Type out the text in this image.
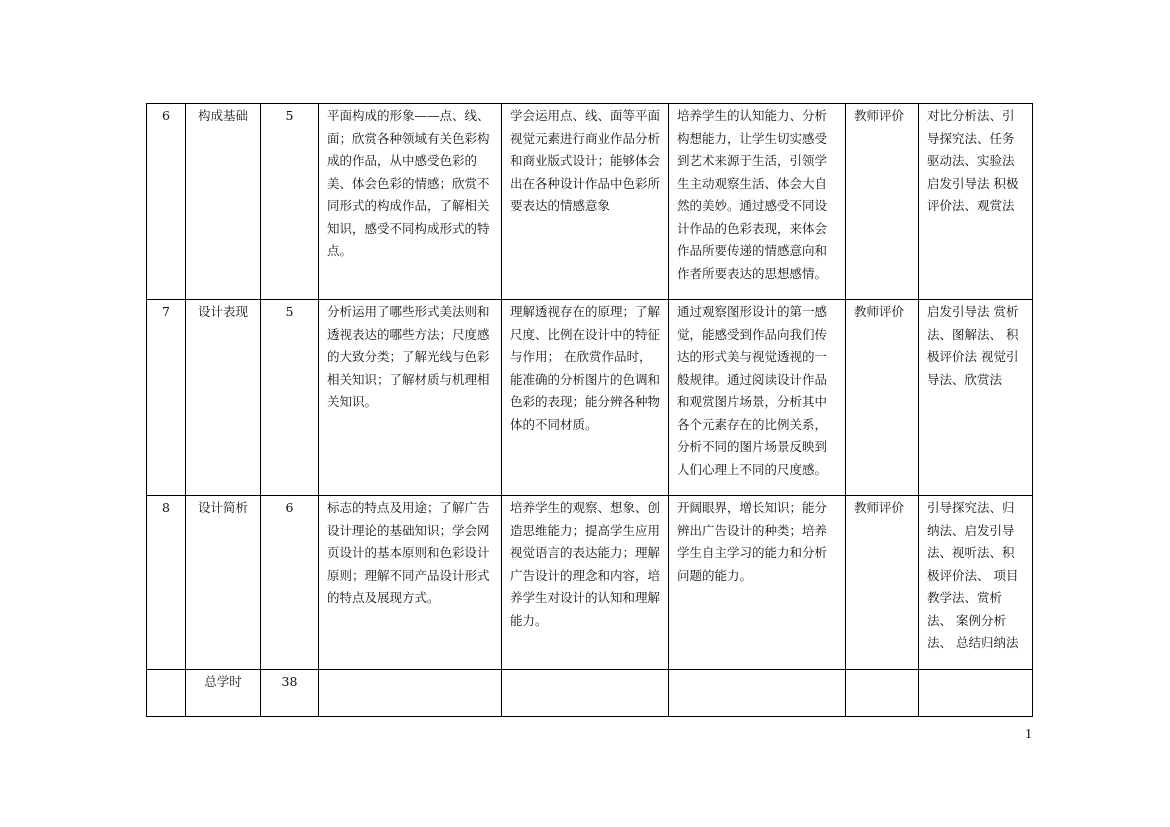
6	构成基础	5	平面构成的形象——点、线、面；欣赏各种领域有关色彩构成的作品，从中感受色彩的美、体会色彩的情感；欣赏不同形式的构成作品，了解相关知识，感受不同构成形式的特点。	学会运用点、线、面等平面视觉元素进行商业作品分析和商业版式设计；能够体会出在各种设计作品中色彩所要表达的情感意象	培养学生的认知能力、分析构想能力，让学生切实感受到艺术来源于生活，引领学生主动观察生活、体会大自然的美妙。通过感受不同设计作品的色彩表现，来体会作品所要传递的情感意向和作者所要表达的思想感情。	教师评价	对比分析法、引导探究法、任务驱动法、实验法 启发引导法 积极评价法、观赏法
7	设计表现	5	分析运用了哪些形式美法则和透视表达的哪些方法；尺度感的大致分类；了解光线与色彩相关知识；了解材质与机理相关知识。	理解透视存在的原理；了解尺度、比例在设计中的特征与作用； 在欣赏作品时，能准确的分析图片的色调和色彩的表现；能分辨各种物体的不同材质。	通过观察图形设计的第一感觉，能感受到作品向我们传达的形式美与视觉透视的一般规律。通过阅读设计作品和观赏图片场景，分析其中各个元素存在的比例关系，分析不同的图片场景反映到人们心理上不同的尺度感。	教师评价	启发引导法 赏析法、图解法、 积极评价法 视觉引导法、欣赏法
8	设计简析	6	标志的特点及用途；了解广告设计理论的基础知识；学会网页设计的基本原则和色彩设计原则；理解不同产品设计形式的特点及展现方式。	培养学生的观察、想象、创造思维能力；提高学生应用视觉语言的表达能力；理解广告设计的理念和内容，培养学生对设计的认知和理解能力。	开阔眼界，增长知识；能分辨出广告设计的种类；培养学生自主学习的能力和分析问题的能力。	教师评价	引导探究法、归纳法、启发引导法、视听法、积极评价法、 项目教学法、赏析法、 案例分析法、 总结归纳法
	总学时	38					
1
